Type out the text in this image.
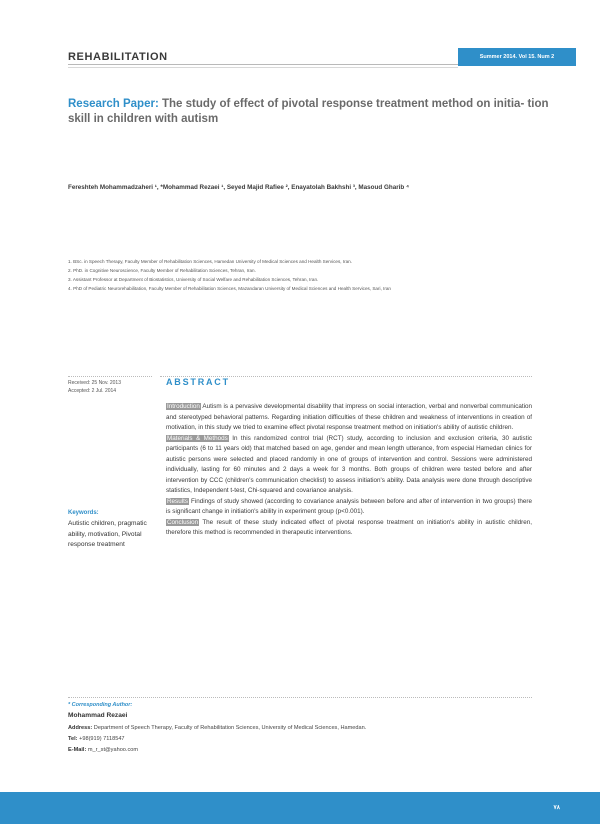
REHABILITATION	Summer 2014. Vol 15. Num 2
Research Paper: The study of effect of pivotal response treatment method on initia- tion skill in children with autism
Fereshteh Mohammadzaheri ¹, *Mohammad Rezaei ¹, Seyed Majid Rafiee ², Enayatolah Bakhshi ³, Masoud Gharib ⁴
1. BSc. in Speech Therapy, Faculty Member of Rehabilitation Sciences, Hamedan University of Medical Sciences and Health Services, Iran.
2. PhD. in Cognitive Neuroscience, Faculty Member of Rehabilitation Sciences, Tehran, Iran.
3. Assistant Professor at Department of Biostatistics, University of Social Welfare and Rehabilitation Sciences, Tehran, Iran.
4. PhD of Pediatric Neurorehabilitation, Faculty Member of Rehabilitation Sciences, Mazandaran University of Medical Sciences and Health Services, Sari, Iran
Received: 25 Nov. 2013
Accepted: 2 Jul. 2014
ABSTRACT

Introduction Autism is a pervasive developmental disability that impress on social interaction, verbal and nonverbal communication and stereotyped behavioral patterns. Regarding initiation difficulties of these children and weakness of interventions in creation of motivation, in this study we tried to examine effect pivotal response treatment method on initiation's ability of autistic children.

Materials & Methods In this randomized control trial (RCT) study, according to inclusion and exclusion criteria, 30 autistic participants (6 to 11 years old) that matched based on age, gender and mean length utterance, from especial Hamedan clinics for autistic persons were selected and placed randomly in one of groups of intervention and control. Sessions were administered individually, lasting for 60 minutes and 2 days a week for 3 months. Both groups of children were tested before and after intervention by CCC (children's communication checklist) to assess initiation's ability. Data analysis were done through descriptive statistics, Independent t-test, Chi-squared and covariance analysis.

Results Findings of study showed (according to covariance analysis between before and after of intervention in two groups) there is significant change in initiation's ability in experiment group (p<0.001).

Conclusion The result of these study indicated effect of pivotal response treatment on initiation's ability in autistic children, therefore this method is recommended in therapeutic interventions.

Keywords:
Autistic children, pragmatic ability, motivation, Pivotal response treatment
* Corresponding Author:
Mohammad Rezaei
Address: Department of Speech Therapy, Faculty of Rehabilitation Sciences, University of Medical Sciences, Hamedan.
Tel: +98(919) 7118547
E-Mail: m_r_st@yahoo.com
۷۸
